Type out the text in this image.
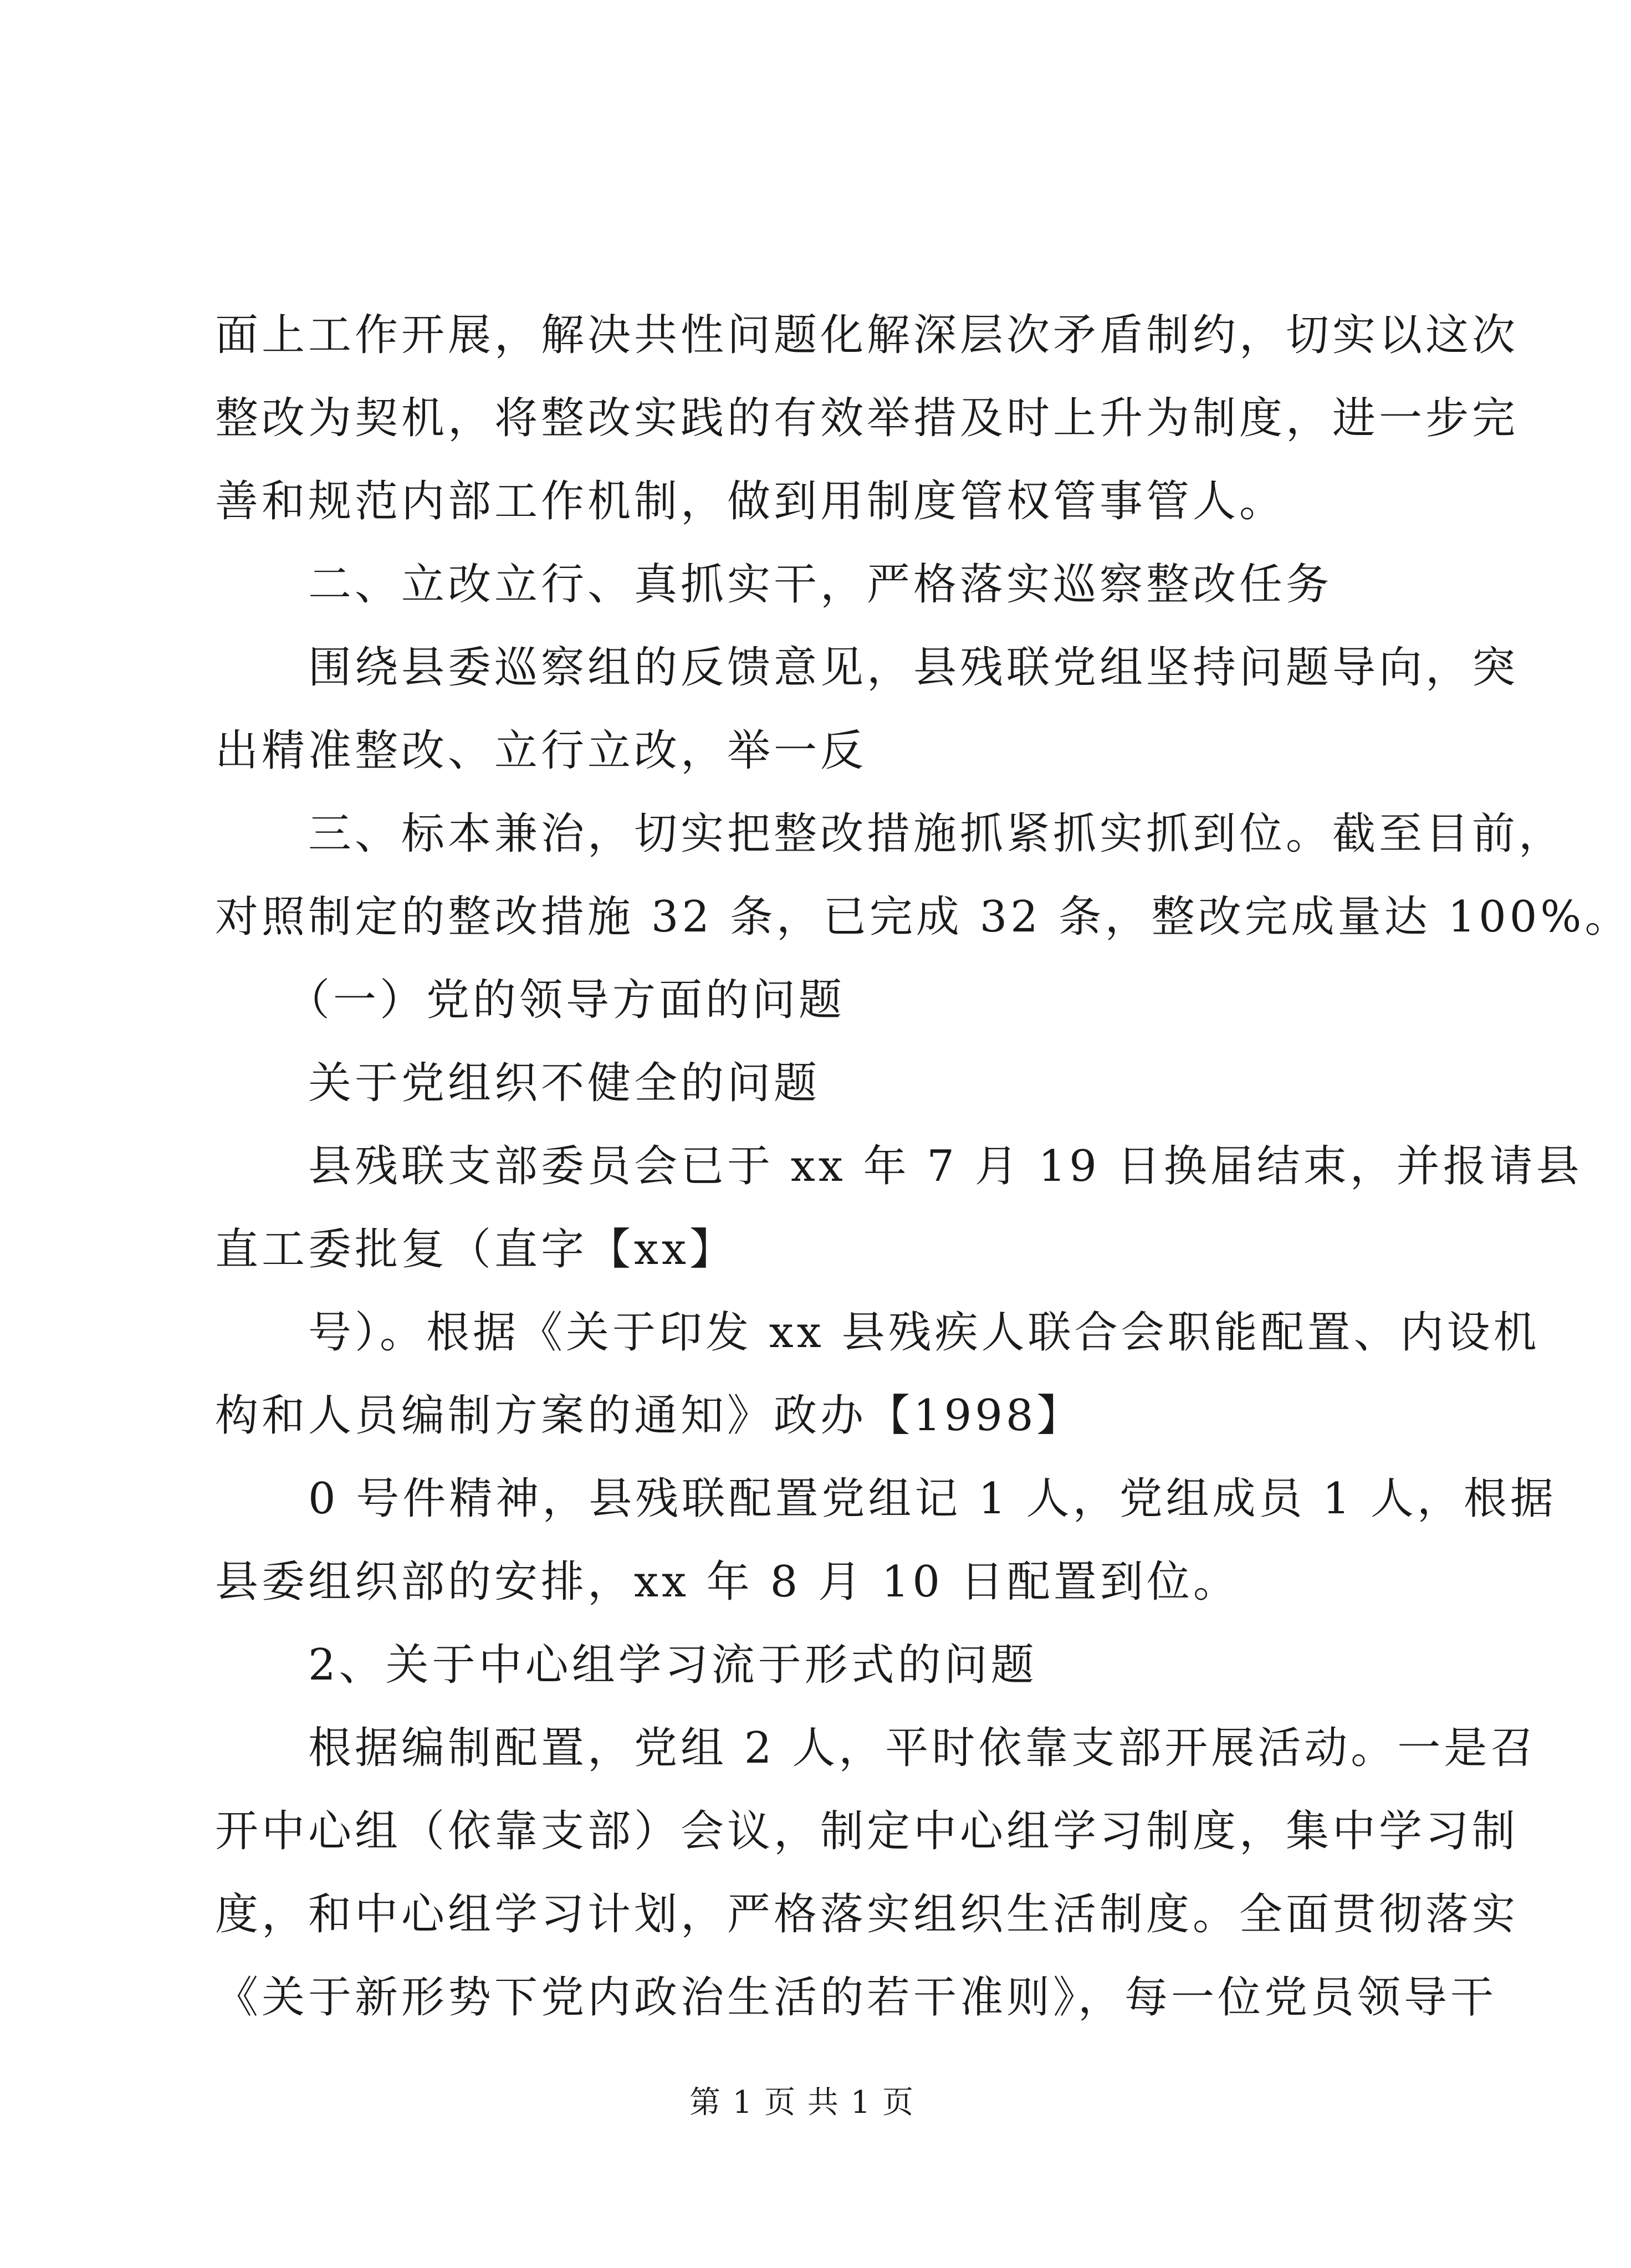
面上工作开展，解决共性问题化解深层次矛盾制约，切实以这次
整改为契机，将整改实践的有效举措及时上升为制度，进一步完
善和规范内部工作机制，做到用制度管权管事管人。
　　二、立改立行、真抓实干，严格落实巡察整改任务
　　围绕县委巡察组的反馈意见，县残联党组坚持问题导向，突
出精准整改、立行立改，举一反
　　三、标本兼治，切实把整改措施抓紧抓实抓到位。截至目前，
对照制定的整改措施 32 条，已完成 32 条，整改完成量达 100%。
　　（一）党的领导方面的问题
　　关于党组织不健全的问题
　　县残联支部委员会已于 xx 年 7 月 19 日换届结束，并报请县
直工委批复（直字【xx】
　　号）。根据《关于印发 xx 县残疾人联合会职能配置、内设机
构和人员编制方案的通知》政办【1998】
　　0 号件精神，县残联配置党组记 1 人，党组成员 1 人，根据
县委组织部的安排，xx 年 8 月 10 日配置到位。
　　2、关于中心组学习流于形式的问题
　　根据编制配置，党组 2 人，平时依靠支部开展活动。一是召
开中心组（依靠支部）会议，制定中心组学习制度，集中学习制
度，和中心组学习计划，严格落实组织生活制度。全面贯彻落实
《关于新形势下党内政治生活的若干准则》，每一位党员领导干
第 1 页 共 1 页
